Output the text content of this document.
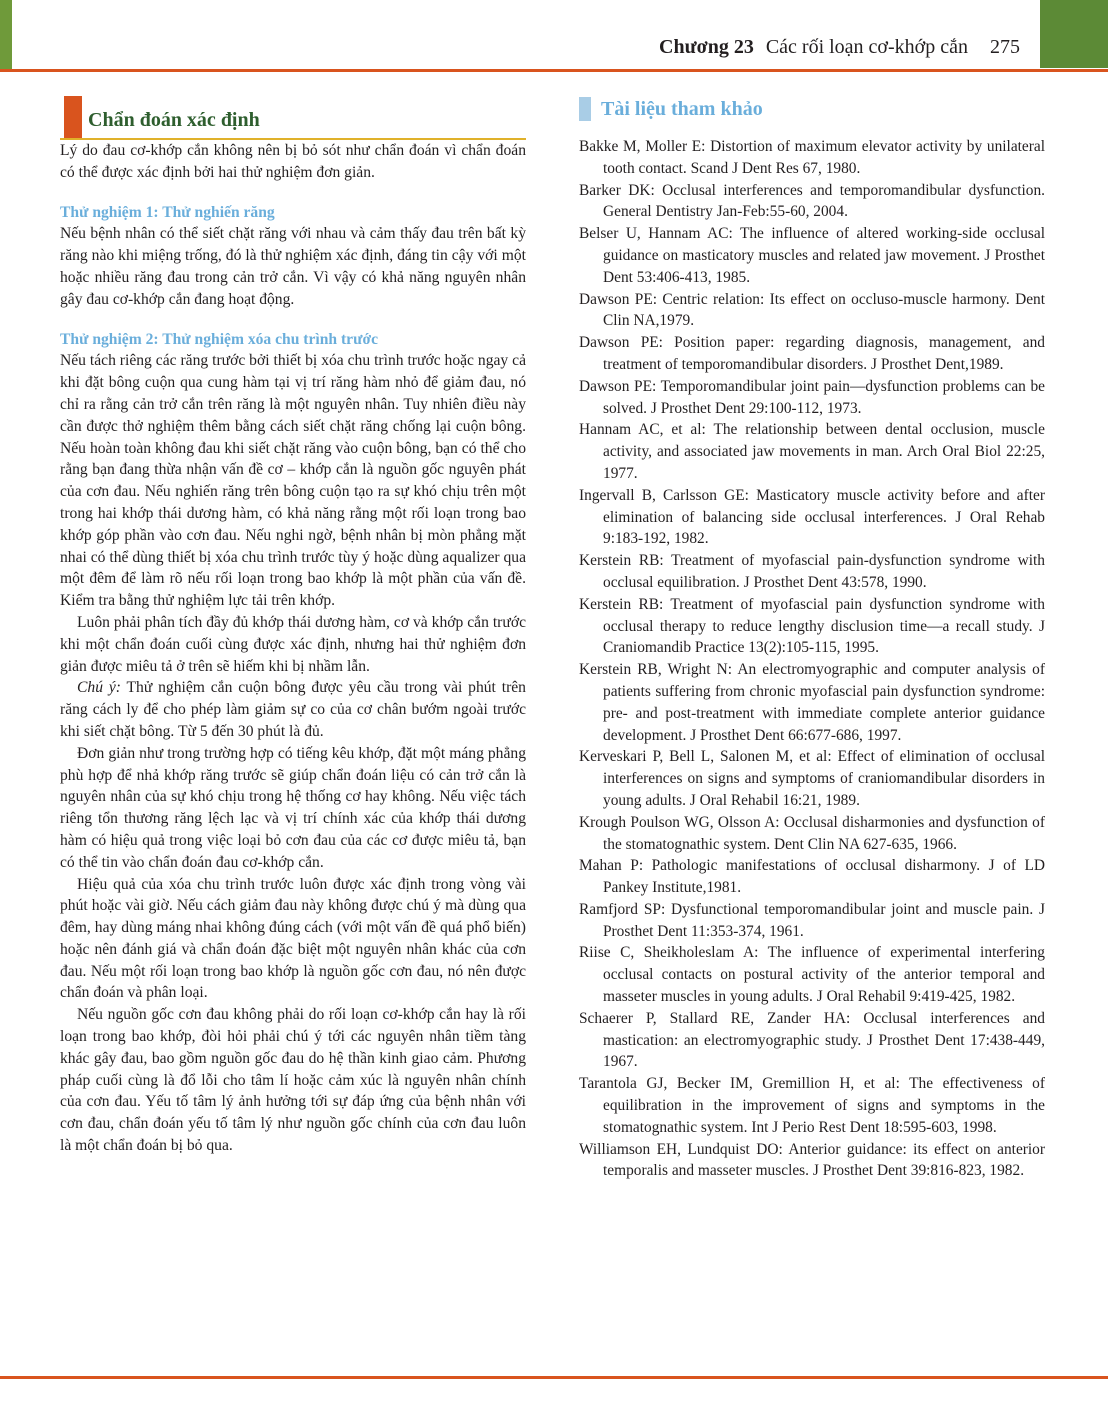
Chương 23 Các rối loạn cơ-khớp cắn 275
Chẩn đoán xác định

Lý do đau cơ-khớp cắn không nên bị bỏ sót như chẩn đoán vì chẩn đoán có thể được xác định bởi hai thử nghiệm đơn giản.

Thử nghiệm 1: Thử nghiến răng

Nếu bệnh nhân có thể siết chặt răng với nhau và cảm thấy đau trên bất kỳ răng nào khi miệng trống, đó là thử nghiệm xác định, đáng tin cậy với một hoặc nhiều răng đau trong cản trở cắn. Vì vậy có khả năng nguyên nhân gây đau cơ-khớp cắn đang hoạt động.

Thử nghiệm 2: Thử nghiệm xóa chu trình trước

Nếu tách riêng các răng trước bởi thiết bị xóa chu trình trước hoặc ngay cả khi đặt bông cuộn qua cung hàm tại vị trí răng hàm nhỏ để giảm đau, nó chỉ ra rằng cản trở cắn trên răng là một nguyên nhân. Tuy nhiên điều này cần được thở nghiệm thêm bằng cách siết chặt răng chống lại cuộn bông. Nếu hoàn toàn không đau khi siết chặt răng vào cuộn bông, bạn có thể cho rằng bạn đang thừa nhận vấn đề cơ – khớp cắn là nguồn gốc nguyên phát của cơn đau. Nếu nghiến răng trên bông cuộn tạo ra sự khó chịu trên một trong hai khớp thái dương hàm, có khả năng rằng một rối loạn trong bao khớp góp phần vào cơn đau. Nếu nghi ngờ, bệnh nhân bị mòn phẳng mặt nhai có thể dùng thiết bị xóa chu trình trước tùy ý hoặc dùng aqualizer qua một đêm để làm rõ nếu rối loạn trong bao khớp là một phần của vấn đề. Kiểm tra bằng thử nghiệm lực tải trên khớp.

Luôn phải phân tích đầy đủ khớp thái dương hàm, cơ và khớp cắn trước khi một chẩn đoán cuối cùng được xác định, nhưng hai thử nghiệm đơn giản được miêu tả ở trên sẽ hiếm khi bị nhầm lẫn.

Chú ý: Thử nghiệm cắn cuộn bông được yêu cầu trong vài phút trên răng cách ly để cho phép làm giảm sự co của cơ chân bướm ngoài trước khi siết chặt bông. Từ 5 đến 30 phút là đủ.

Đơn giản như trong trường hợp có tiếng kêu khớp, đặt một máng phẳng phù hợp để nhả khớp răng trước sẽ giúp chẩn đoán liệu có cản trở cắn là nguyên nhân của sự khó chịu trong hệ thống cơ hay không. Nếu việc tách riêng tổn thương răng lệch lạc và vị trí chính xác của khớp thái dương hàm có hiệu quả trong việc loại bỏ cơn đau của các cơ được miêu tả, bạn có thể tin vào chẩn đoán đau cơ-khớp cắn.

Hiệu quả của xóa chu trình trước luôn được xác định trong vòng vài phút hoặc vài giờ. Nếu cách giảm đau này không được chú ý mà dùng qua đêm, hay dùng máng nhai không đúng cách (với một vấn đề quá phổ biến) hoặc nên đánh giá và chẩn đoán đặc biệt một nguyên nhân khác của cơn đau. Nếu một rối loạn trong bao khớp là nguồn gốc cơn đau, nó nên được chẩn đoán và phân loại.

Nếu nguồn gốc cơn đau không phải do rối loạn cơ-khớp cắn hay là rối loạn trong bao khớp, đòi hỏi phải chú ý tới các nguyên nhân tiềm tàng khác gây đau, bao gồm nguồn gốc đau do hệ thần kinh giao cảm. Phương pháp cuối cùng là đổ lỗi cho tâm lí hoặc cảm xúc là nguyên nhân chính của cơn đau. Yếu tố tâm lý ảnh hưởng tới sự đáp ứng của bệnh nhân với cơn đau, chẩn đoán yếu tố tâm lý như nguồn gốc chính của cơn đau luôn là một chẩn đoán bị bỏ qua.

Tài liệu tham khảo

Bakke M, Moller E: Distortion of maximum elevator activity by unilateral tooth contact. Scand J Dent Res 67, 1980.

Barker DK: Occlusal interferences and temporomandibular dysfunction. General Dentistry Jan-Feb:55-60, 2004.

Belser U, Hannam AC: The influence of altered working-side occlusal guidance on masticatory muscles and related jaw movement. J Prosthet Dent 53:406-413, 1985.

Dawson PE: Centric relation: Its effect on occluso-muscle harmony. Dent Clin NA,1979.

Dawson PE: Position paper: regarding diagnosis, management, and treatment of temporomandibular disorders. J Prosthet Dent,1989.

Dawson PE: Temporomandibular joint pain—dysfunction problems can be solved. J Prosthet Dent 29:100-112, 1973.

Hannam AC, et al: The relationship between dental occlusion, muscle activity, and associated jaw movements in man. Arch Oral Biol 22:25, 1977.

Ingervall B, Carlsson GE: Masticatory muscle activity before and after elimination of balancing side occlusal interferences. J Oral Rehab 9:183-192, 1982.

Kerstein RB: Treatment of myofascial pain-dysfunction syndrome with occlusal equilibration. J Prosthet Dent 43:578, 1990.

Kerstein RB: Treatment of myofascial pain dysfunction syndrome with occlusal therapy to reduce lengthy disclusion time—a recall study. J Craniomandib Practice 13(2):105-115, 1995.

Kerstein RB, Wright N: An electromyographic and computer analysis of patients suffering from chronic myofascial pain dysfunction syndrome: pre- and post-treatment with immediate complete anterior guidance development. J Prosthet Dent 66:677-686, 1997.

Kerveskari P, Bell L, Salonen M, et al: Effect of elimination of occlusal interferences on signs and symptoms of craniomandibular disorders in young adults. J Oral Rehabil 16:21, 1989.

Krough Poulson WG, Olsson A: Occlusal disharmonies and dysfunction of the stomatognathic system. Dent Clin NA 627-635, 1966.

Mahan P: Pathologic manifestations of occlusal disharmony. J of LD Pankey Institute,1981.

Ramfjord SP: Dysfunctional temporomandibular joint and muscle pain. J Prosthet Dent 11:353-374, 1961.

Riise C, Sheikholeslam A: The influence of experimental interfering occlusal contacts on postural activity of the anterior temporal and masseter muscles in young adults. J Oral Rehabil 9:419-425, 1982.

Schaerer P, Stallard RE, Zander HA: Occlusal interferences and mastication: an electromyographic study. J Prosthet Dent 17:438-449, 1967.

Tarantola GJ, Becker IM, Gremillion H, et al: The effectiveness of equilibration in the improvement of signs and symptoms in the stomatognathic system. Int J Perio Rest Dent 18:595-603, 1998.

Williamson EH, Lundquist DO: Anterior guidance: its effect on anterior temporalis and masseter muscles. J Prosthet Dent 39:816-823, 1982.
